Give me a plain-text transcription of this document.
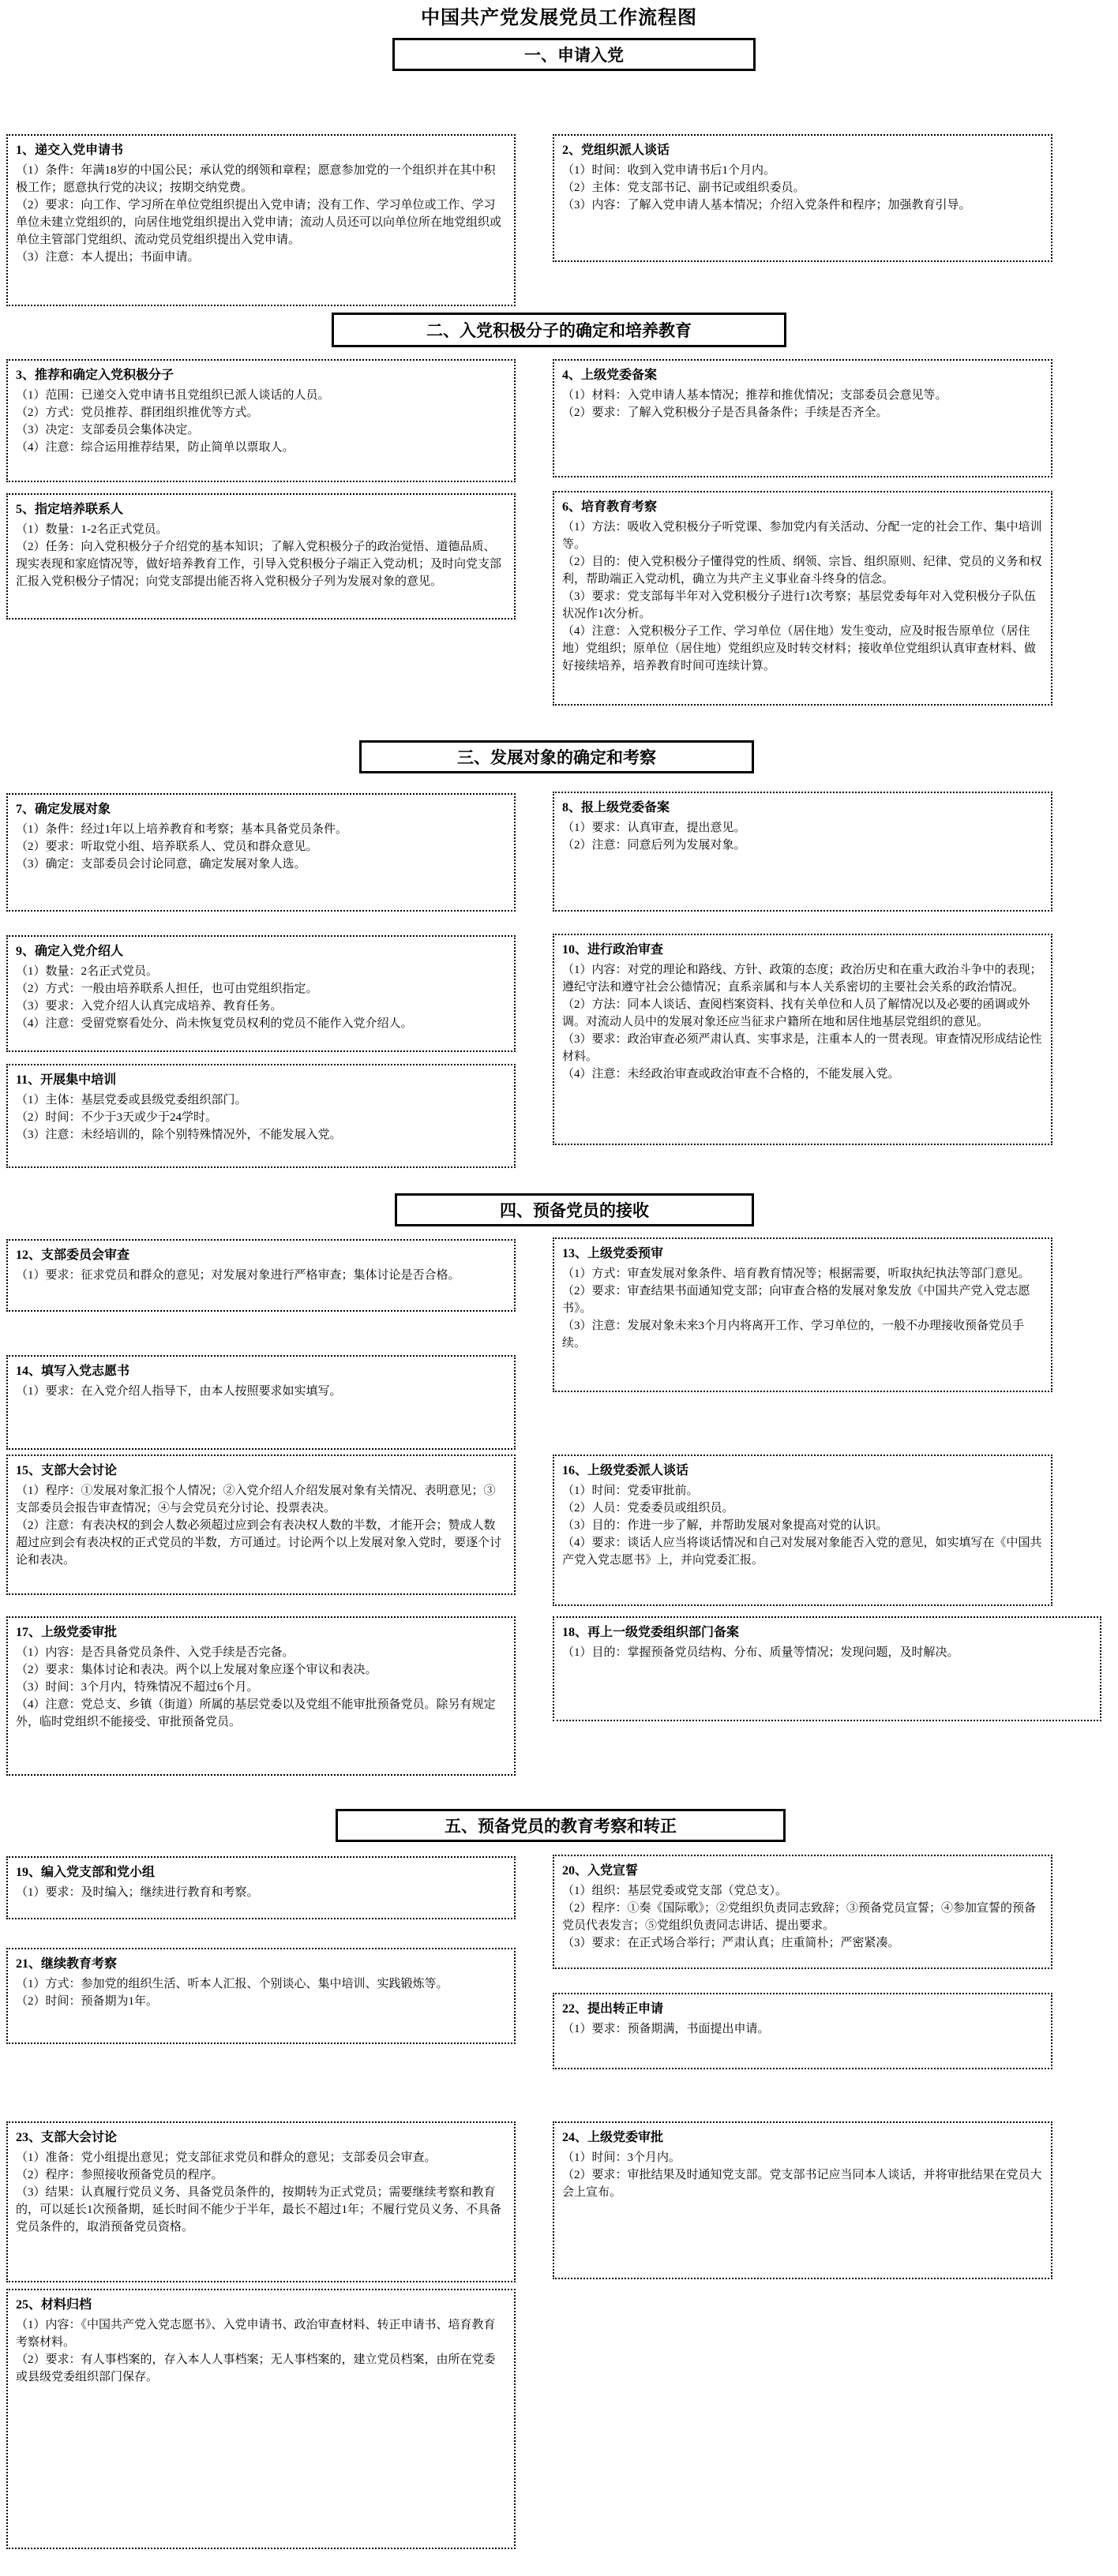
中国共产党发展党员工作流程图
一、申请入党
1、递交入党申请书

（1）条件：年满18岁的中国公民；承认党的纲领和章程；愿意参加党的一个组织并在其中积极工作；愿意执行党的决议；按期交纳党费。

（2）要求：向工作、学习所在单位党组织提出入党申请；没有工作、学习单位或工作、学习单位未建立党组织的，向居住地党组织提出入党申请；流动人员还可以向单位所在地党组织或单位主管部门党组织、流动党员党组织提出入党申请。

（3）注意：本人提出；书面申请。

2、党组织派人谈话

（1）时间：收到入党申请书后1个月内。

（2）主体：党支部书记、副书记或组织委员。

（3）内容：了解入党申请人基本情况；介绍入党条件和程序；加强教育引导。

二、入党积极分子的确定和培养教育
3、推荐和确定入党积极分子

（1）范围：已递交入党申请书且党组织已派人谈话的人员。

（2）方式：党员推荐、群团组织推优等方式。

（3）决定：支部委员会集体决定。

（4）注意：综合运用推荐结果，防止简单以票取人。

4、上级党委备案

（1）材料：入党申请人基本情况；推荐和推优情况；支部委员会意见等。

（2）要求：了解入党积极分子是否具备条件；手续是否齐全。

5、指定培养联系人

（1）数量：1-2名正式党员。

（2）任务：向入党积极分子介绍党的基本知识；了解入党积极分子的政治觉悟、道德品质、现实表现和家庭情况等，做好培养教育工作，引导入党积极分子端正入党动机；及时向党支部汇报入党积极分子情况；向党支部提出能否将入党积极分子列为发展对象的意见。

6、培育教育考察

（1）方法：吸收入党积极分子听党课、参加党内有关活动、分配一定的社会工作、集中培训等。

（2）目的：使入党积极分子懂得党的性质、纲领、宗旨、组织原则、纪律、党员的义务和权利，帮助端正入党动机，确立为共产主义事业奋斗终身的信念。

（3）要求：党支部每半年对入党积极分子进行1次考察；基层党委每年对入党积极分子队伍状况作1次分析。

（4）注意：入党积极分子工作、学习单位（居住地）发生变动，应及时报告原单位（居住地）党组织；原单位（居住地）党组织应及时转交材料；接收单位党组织认真审查材料、做好接续培养，培养教育时间可连续计算。

三、发展对象的确定和考察
7、确定发展对象

（1）条件：经过1年以上培养教育和考察；基本具备党员条件。

（2）要求：听取党小组、培养联系人、党员和群众意见。

（3）确定：支部委员会讨论同意，确定发展对象人选。

8、报上级党委备案

（1）要求：认真审查，提出意见。

（2）注意：同意后列为发展对象。

9、确定入党介绍人

（1）数量：2名正式党员。

（2）方式：一般由培养联系人担任，也可由党组织指定。

（3）要求：入党介绍人认真完成培养、教育任务。

（4）注意：受留党察看处分、尚未恢复党员权利的党员不能作入党介绍人。

10、进行政治审查

（1）内容：对党的理论和路线、方针、政策的态度；政治历史和在重大政治斗争中的表现；遵纪守法和遵守社会公德情况；直系亲属和与本人关系密切的主要社会关系的政治情况。

（2）方法：同本人谈话、查阅档案资料、找有关单位和人员了解情况以及必要的函调或外调。对流动人员中的发展对象还应当征求户籍所在地和居住地基层党组织的意见。

（3）要求：政治审查必须严肃认真、实事求是，注重本人的一贯表现。审查情况形成结论性材料。

（4）注意：未经政治审查或政治审查不合格的，不能发展入党。

11、开展集中培训

（1）主体：基层党委或县级党委组织部门。

（2）时间：不少于3天或少于24学时。

（3）注意：未经培训的，除个别特殊情况外，不能发展入党。

四、预备党员的接收
12、支部委员会审查

（1）要求：征求党员和群众的意见；对发展对象进行严格审查；集体讨论是否合格。

13、上级党委预审

（1）方式：审查发展对象条件、培育教育情况等；根据需要，听取执纪执法等部门意见。

（2）要求：审查结果书面通知党支部；向审查合格的发展对象发放《中国共产党入党志愿书》。

（3）注意：发展对象未来3个月内将离开工作、学习单位的，一般不办理接收预备党员手续。

14、填写入党志愿书

（1）要求：在入党介绍人指导下，由本人按照要求如实填写。

15、支部大会讨论

（1）程序：①发展对象汇报个人情况；②入党介绍人介绍发展对象有关情况、表明意见；③支部委员会报告审查情况；④与会党员充分讨论、投票表决。

（2）注意：有表决权的到会人数必须超过应到会有表决权人数的半数，才能开会；赞成人数超过应到会有表决权的正式党员的半数，方可通过。讨论两个以上发展对象入党时，要逐个讨论和表决。

16、上级党委派人谈话

（1）时间：党委审批前。

（2）人员：党委委员或组织员。

（3）目的：作进一步了解，并帮助发展对象提高对党的认识。

（4）要求：谈话人应当将谈话情况和自己对发展对象能否入党的意见，如实填写在《中国共产党入党志愿书》上，并向党委汇报。

17、上级党委审批

（1）内容：是否具备党员条件、入党手续是否完备。

（2）要求：集体讨论和表决。两个以上发展对象应逐个审议和表决。

（3）时间：3个月内，特殊情况不超过6个月。

（4）注意：党总支、乡镇（街道）所属的基层党委以及党组不能审批预备党员。除另有规定外，临时党组织不能接受、审批预备党员。

18、再上一级党委组织部门备案

（1）目的：掌握预备党员结构、分布、质量等情况；发现问题，及时解决。

五、预备党员的教育考察和转正
19、编入党支部和党小组

（1）要求：及时编入；继续进行教育和考察。

20、入党宣誓

（1）组织：基层党委或党支部（党总支）。

（2）程序：①奏《国际歌》；②党组织负责同志致辞；③预备党员宣誓；④参加宣誓的预备党员代表发言；⑤党组织负责同志讲话、提出要求。

（3）要求：在正式场合举行；严肃认真；庄重简朴；严密紧凑。

21、继续教育考察

（1）方式：参加党的组织生活、听本人汇报、个别谈心、集中培训、实践锻炼等。

（2）时间：预备期为1年。

22、提出转正申请

（1）要求：预备期满，书面提出申请。

23、支部大会讨论

（1）准备：党小组提出意见；党支部征求党员和群众的意见；支部委员会审查。

（2）程序：参照接收预备党员的程序。

（3）结果：认真履行党员义务、具备党员条件的，按期转为正式党员；需要继续考察和教育的，可以延长1次预备期，延长时间不能少于半年，最长不超过1年；不履行党员义务、不具备党员条件的，取消预备党员资格。

24、上级党委审批

（1）时间：3个月内。

（2）要求：审批结果及时通知党支部。党支部书记应当同本人谈话，并将审批结果在党员大会上宣布。

25、材料归档

（1）内容：《中国共产党入党志愿书》、入党申请书、政治审查材料、转正申请书、培育教育考察材料。

（2）要求：有人事档案的，存入本人人事档案；无人事档案的，建立党员档案，由所在党委或县级党委组织部门保存。
